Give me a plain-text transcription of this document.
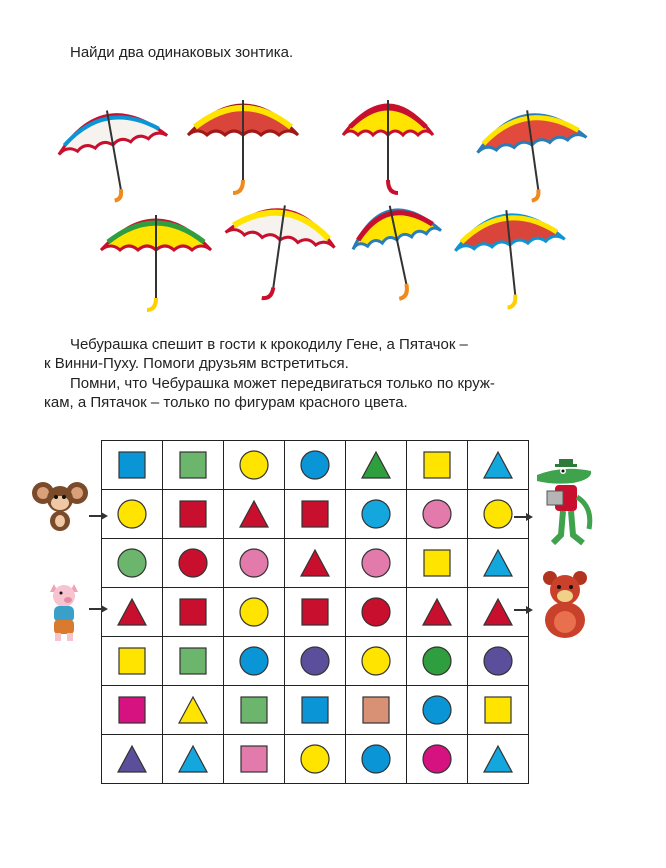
Найди два одинаковых зонтика.
Чебурашка спешит в гости к крокодилу Гене, а Пятачок –
к Винни-Пуху. Помоги друзьям встретиться.
Помни, что Чебурашка может передвигаться только по круж-
кам, а Пятачок – только по фигурам красного цвета.
